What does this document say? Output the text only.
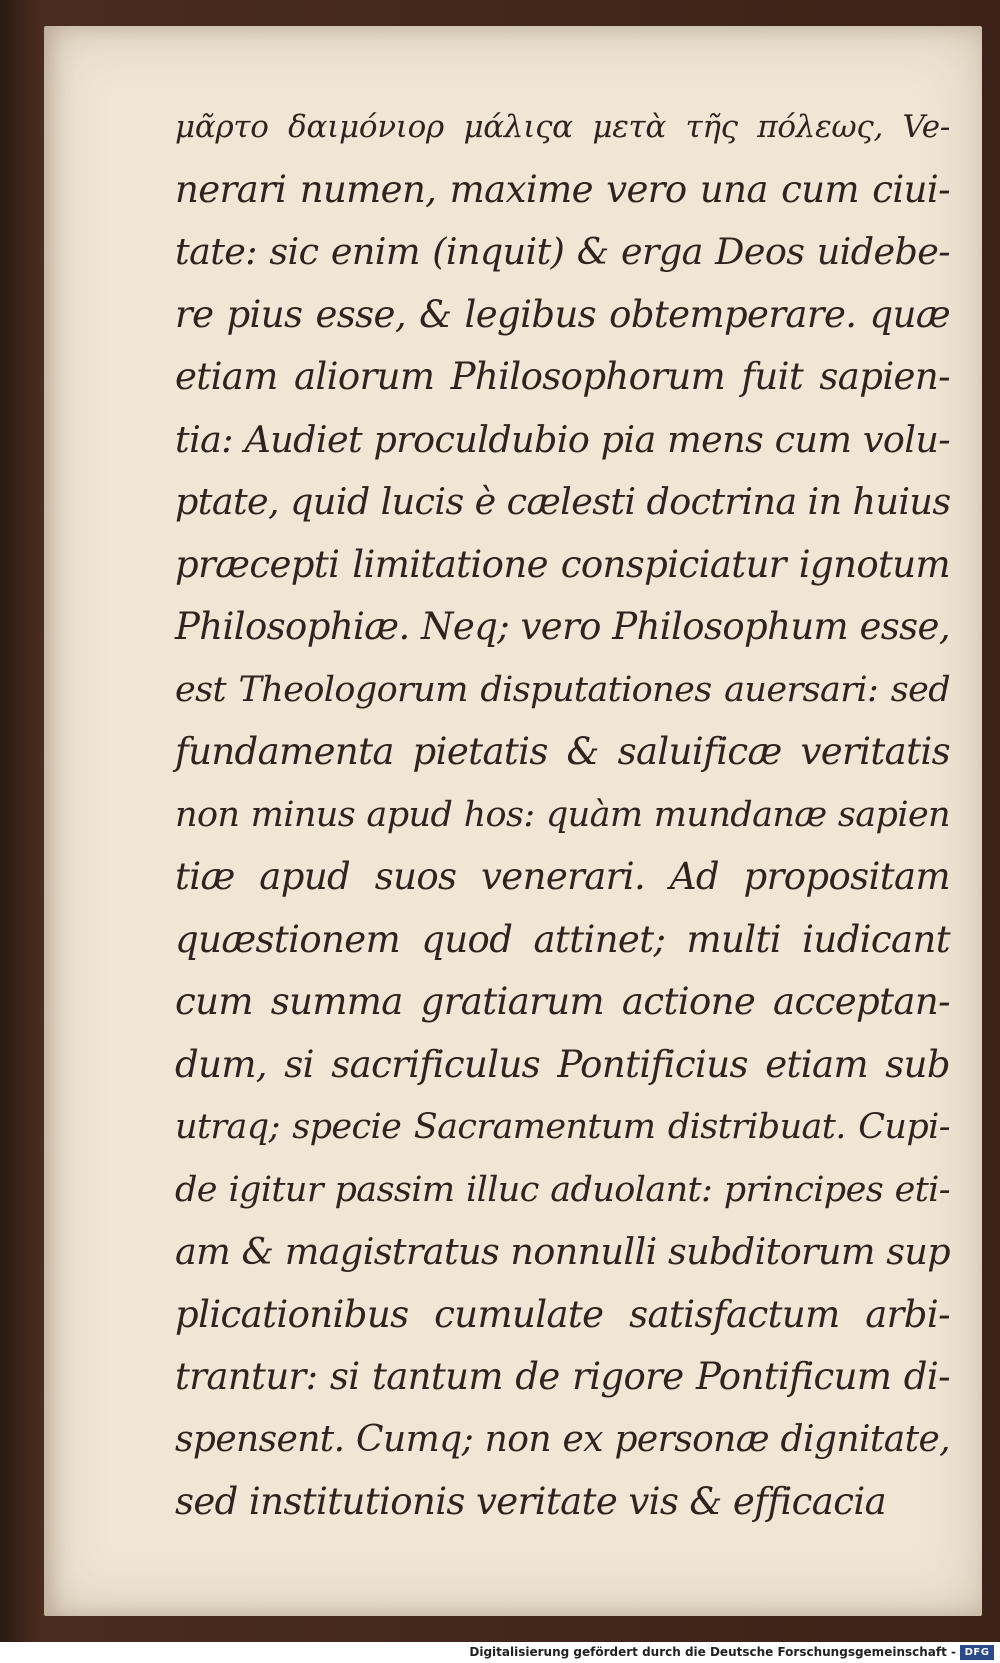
μᾶρτο δαιμόνιορ μάλιςα μετὰ τῆς πόλεως, Ve-
nerari numen, maxime vero una cum ciui-
tate: sic enim (inquit) & erga Deos uidebe-
re pius esse, & legibus obtemperare. quæ
etiam aliorum Philosophorum fuit sapien-
tia: Audiet proculdubio pia mens cum volu-
ptate, quid lucis è cælesti doctrina in huius
præcepti limitatione conspiciatur ignotum
Philosophiæ. Neq; vero Philosophum esse,
est Theologorum disputationes auersari: sed
fundamenta pietatis & saluificæ veritatis
non minus apud hos: quàm mundanæ sapien
tiæ apud suos venerari. Ad propositam
quæstionem quod attinet; multi iudicant
cum summa gratiarum actione acceptan-
dum, si sacrificulus Pontificius etiam sub
utraq; specie Sacramentum distribuat. Cupi-
de igitur passim illuc aduolant: principes eti-
am & magistratus nonnulli subditorum sup
plicationibus cumulate satisfactum arbi-
trantur: si tantum de rigore Pontificum di-
spensent. Cumq; non ex personæ dignitate,
sed institutionis veritate vis & efficacia
Digitalisierung gefördert durch die Deutsche Forschungsgemeinschaft - DFG
